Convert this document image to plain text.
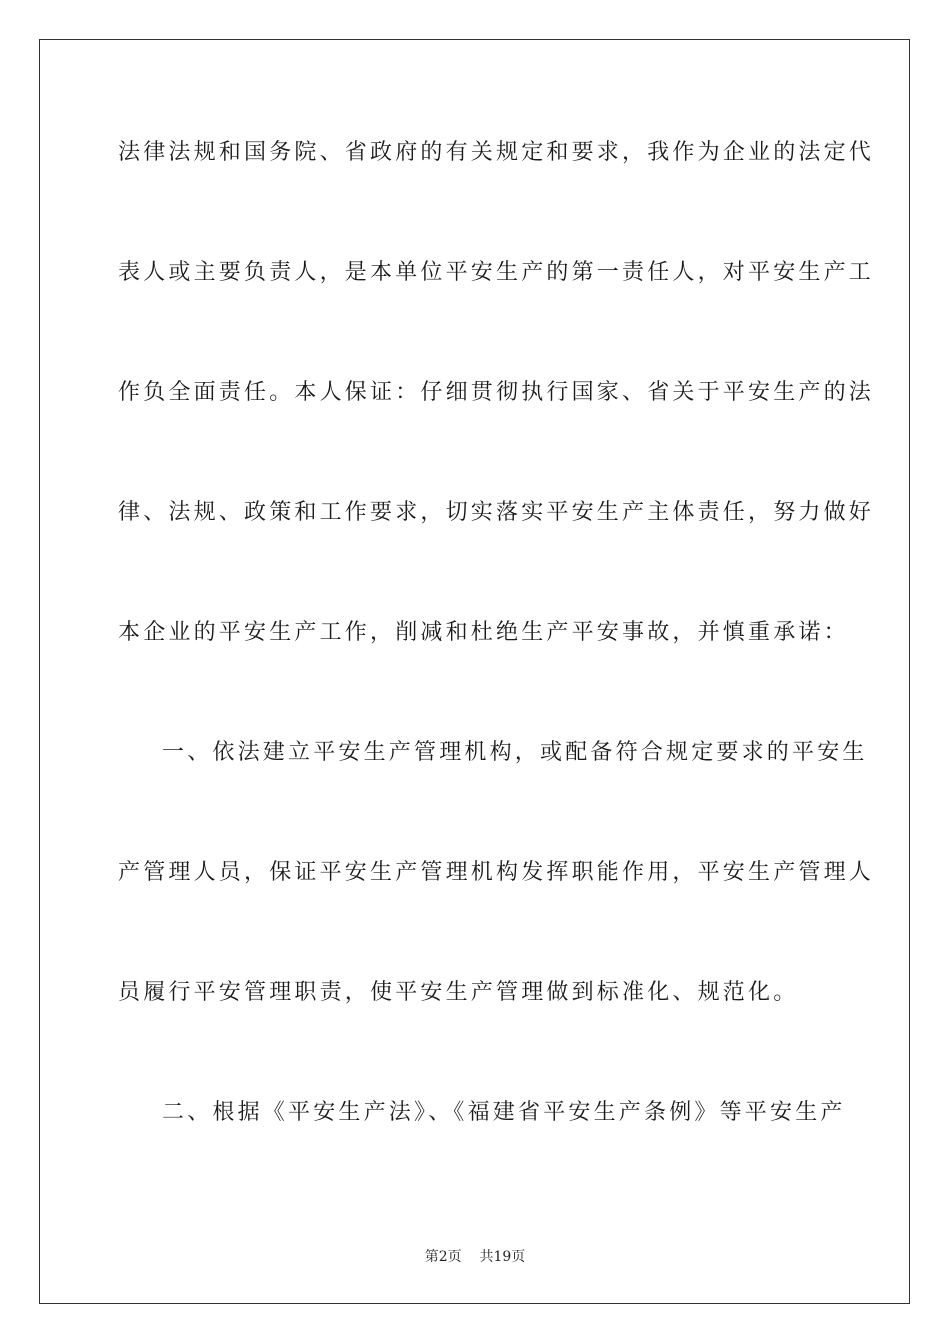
法律法规和国务院、省政府的有关规定和要求，我作为企业的法定代
表人或主要负责人，是本单位平安生产的第一责任人，对平安生产工
作负全面责任。本人保证：仔细贯彻执行国家、省关于平安生产的法
律、法规、政策和工作要求，切实落实平安生产主体责任，努力做好
本企业的平安生产工作，削减和杜绝生产平安事故，并慎重承诺：
一、依法建立平安生产管理机构，或配备符合规定要求的平安生
产管理人员，保证平安生产管理机构发挥职能作用，平安生产管理人
员履行平安管理职责，使平安生产管理做到标准化、规范化。
二、根据《平安生产法》、《福建省平安生产条例》等平安生产
第2页 共19页
